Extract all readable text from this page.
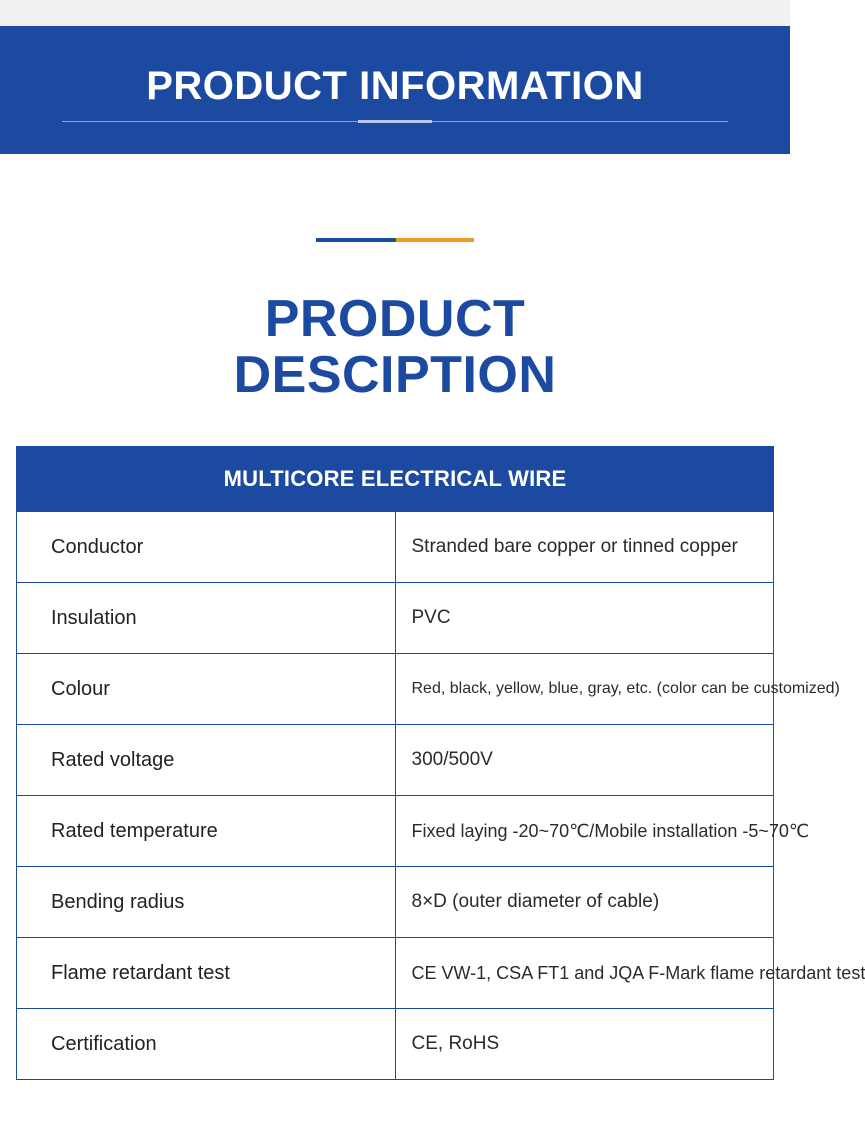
PRODUCT INFORMATION
PRODUCT
DESCIPTION
MULTICORE ELECTRICAL WIRE	
Conductor	Stranded bare copper or tinned copper
Insulation	PVC
Colour	Red, black, yellow, blue, gray, etc. (color can be customized)
Rated voltage	300/500V
Rated temperature	Fixed laying -20~70℃/Mobile installation -5~70℃
Bending radius	8×D (outer diameter of cable)
Flame retardant test	CE VW-1, CSA FT1 and JQA F-Mark flame retardant test
Certification	CE, RoHS
